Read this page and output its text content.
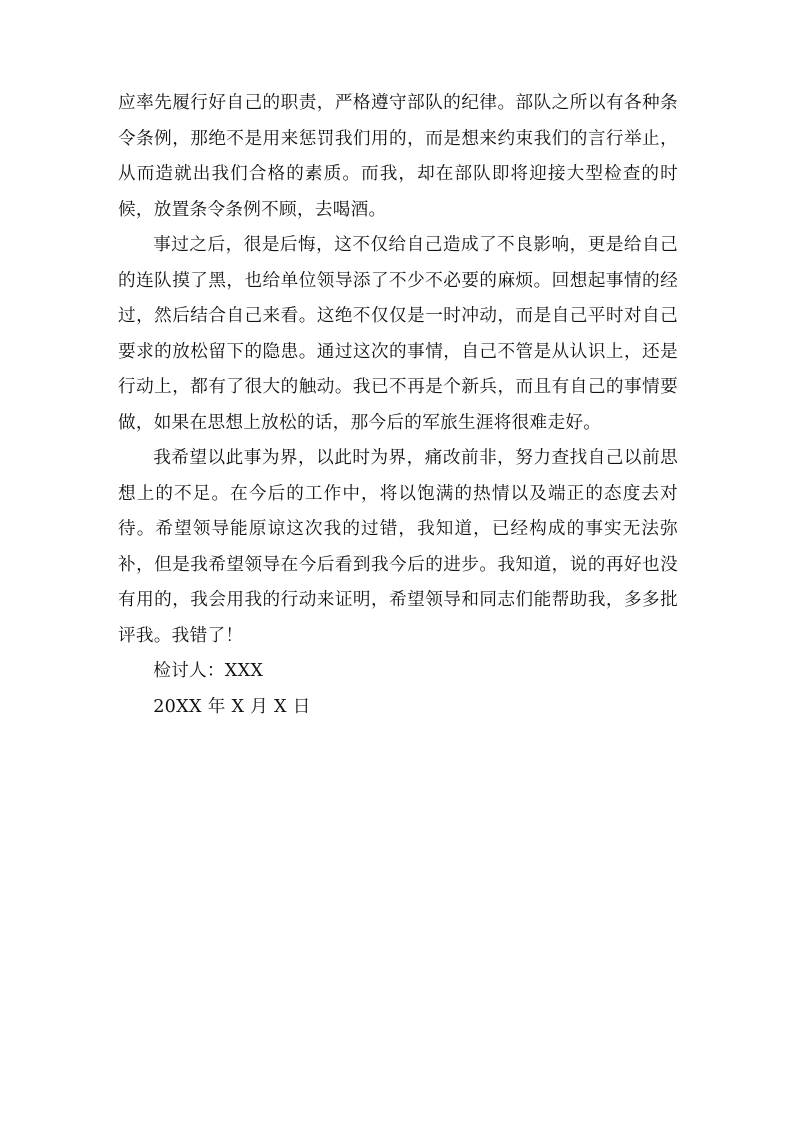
应率先履行好自己的职责，严格遵守部队的纪律。部队之所以有各种条令条例，那绝不是用来惩罚我们用的，而是想来约束我们的言行举止，从而造就出我们合格的素质。而我，却在部队即将迎接大型检查的时候，放置条令条例不顾，去喝酒。

事过之后，很是后悔，这不仅给自己造成了不良影响，更是给自己的连队摸了黑，也给单位领导添了不少不必要的麻烦。回想起事情的经过，然后结合自己来看。这绝不仅仅是一时冲动，而是自己平时对自己要求的放松留下的隐患。通过这次的事情，自己不管是从认识上，还是行动上，都有了很大的触动。我已不再是个新兵，而且有自己的事情要做，如果在思想上放松的话，那今后的军旅生涯将很难走好。

我希望以此事为界，以此时为界，痛改前非，努力查找自己以前思想上的不足。在今后的工作中，将以饱满的热情以及端正的态度去对待。希望领导能原谅这次我的过错，我知道，已经构成的事实无法弥补，但是我希望领导在今后看到我今后的进步。我知道，说的再好也没有用的，我会用我的行动来证明，希望领导和同志们能帮助我，多多批评我。我错了！

检讨人：XXX

20XX 年 X 月 X 日
